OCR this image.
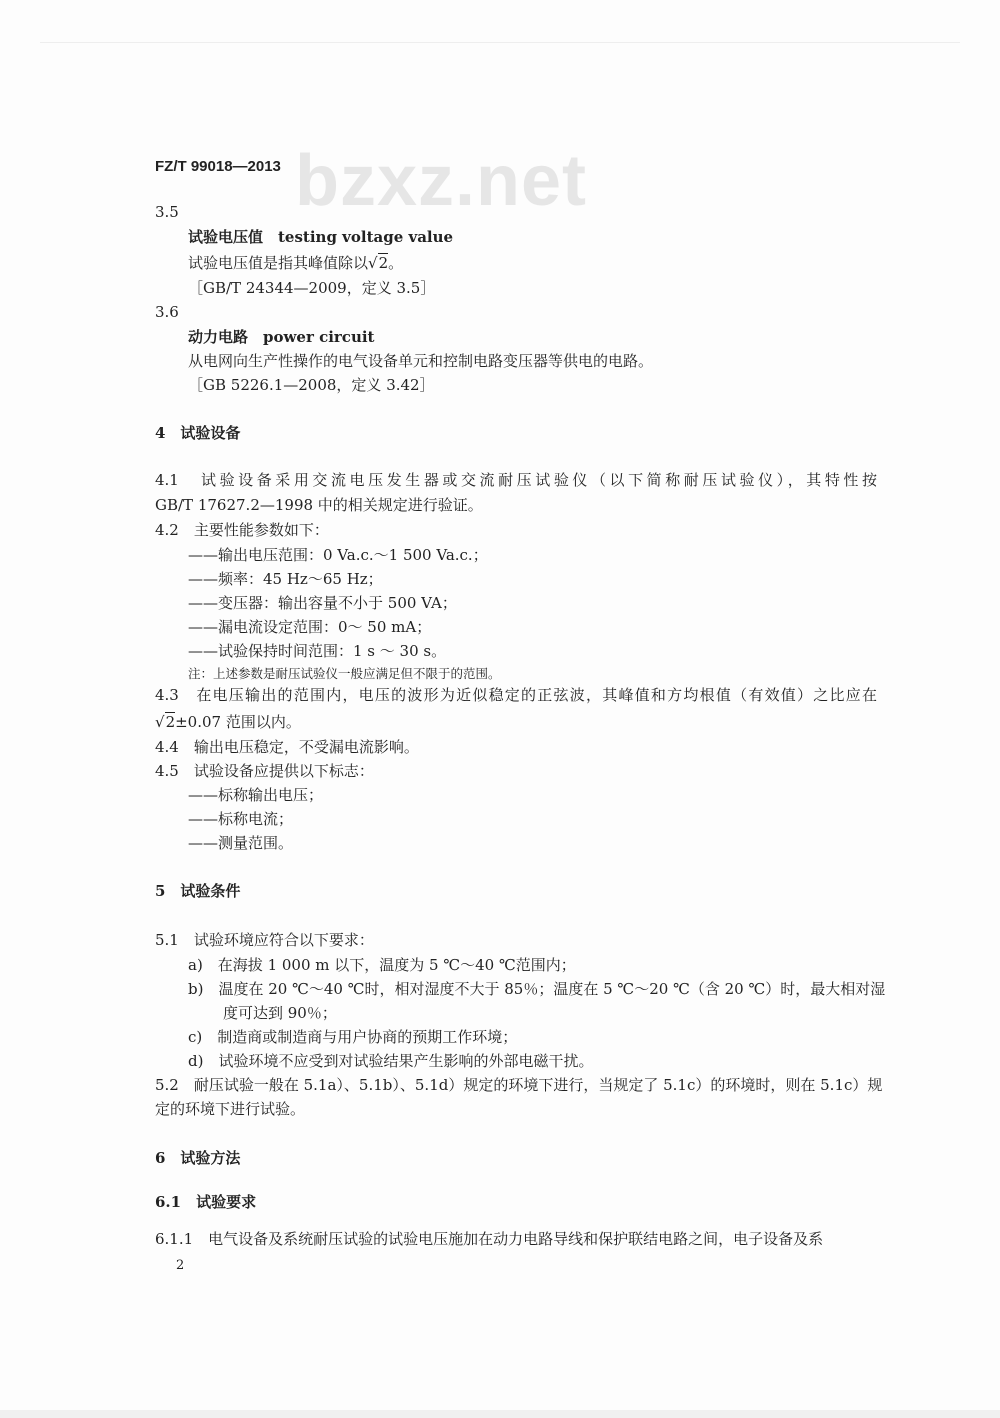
bzxz.net
FZ/T 99018—2013
3.5
试验电压值　testing voltage value
试验电压值是指其峰值除以√2。
［GB/T 24344—2009，定义 3.5］
3.6
动力电路　power circuit
从电网向生产性操作的电气设备单元和控制电路变压器等供电的电路。
［GB 5226.1—2008，定义 3.42］
4　试验设备
4.1　试验设备采用交流电压发生器或交流耐压试验仪（以下简称耐压试验仪），其特性按
GB/T 17627.2—1998 中的相关规定进行验证。
4.2　主要性能参数如下：
——输出电压范围：0 Va.c.～1 500 Va.c.；
——频率：45 Hz～65 Hz；
——变压器：输出容量不小于 500 VA；
——漏电流设定范围：0～ 50 mA；
——试验保持时间范围：1 s ～ 30 s。
注：上述参数是耐压试验仪一般应满足但不限于的范围。
4.3　在电压输出的范围内，电压的波形为近似稳定的正弦波，其峰值和方均根值（有效值）之比应在
√2±0.07 范围以内。
4.4　输出电压稳定，不受漏电流影响。
4.5　试验设备应提供以下标志：
——标称输出电压；
——标称电流；
——测量范围。
5　试验条件
5.1　试验环境应符合以下要求：
a)　在海拔 1 000 m 以下，温度为 5 ℃～40 ℃范围内；
b)　温度在 20 ℃～40 ℃时，相对湿度不大于 85％；温度在 5 ℃～20 ℃（含 20 ℃）时，最大相对湿
度可达到 90％；
c)　制造商或制造商与用户协商的预期工作环境；
d)　试验环境不应受到对试验结果产生影响的外部电磁干扰。
5.2　耐压试验一般在 5.1a）、5.1b）、5.1d）规定的环境下进行，当规定了 5.1c）的环境时，则在 5.1c）规
定的环境下进行试验。
6　试验方法
6.1　试验要求
6.1.1　电气设备及系统耐压试验的试验电压施加在动力电路导线和保护联结电路之间，电子设备及系
2
